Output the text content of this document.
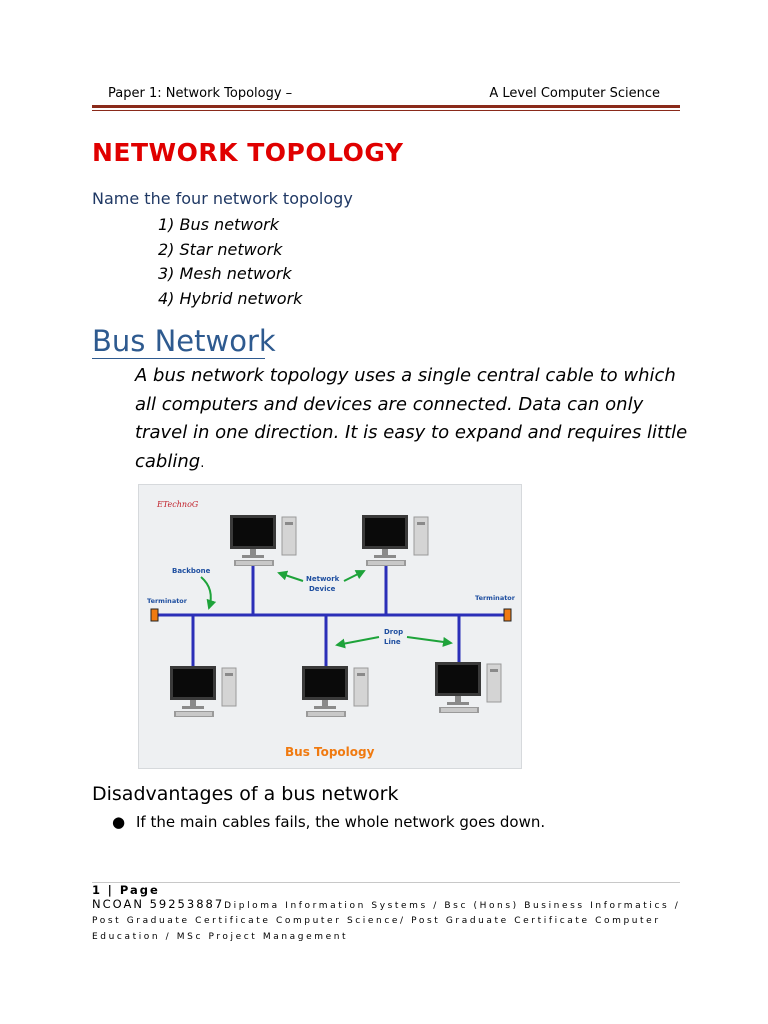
Paper 1: Network Topology –	A Level Computer Science
NETWORK TOPOLOGY
Name the four network topology
1) Bus network
2) Star network
3) Mesh network
4) Hybrid network
Bus Network
A bus network topology uses a single central cable to which all computers and devices are connected. Data can only travel in one direction. It is easy to expand and requires little cabling.
ETechnoG
Backbone
Terminator	Terminator
Network
Device
Drop
Line
Bus Topology
Disadvantages of a bus network
● If the main cables fails, the whole network goes down.
1 | Page
NCOAN 59253887Diploma Information Systems / Bsc (Hons) Business Informatics / Post Graduate Certificate Computer Science/ Post Graduate Certificate Computer Education / MSc Project Management
